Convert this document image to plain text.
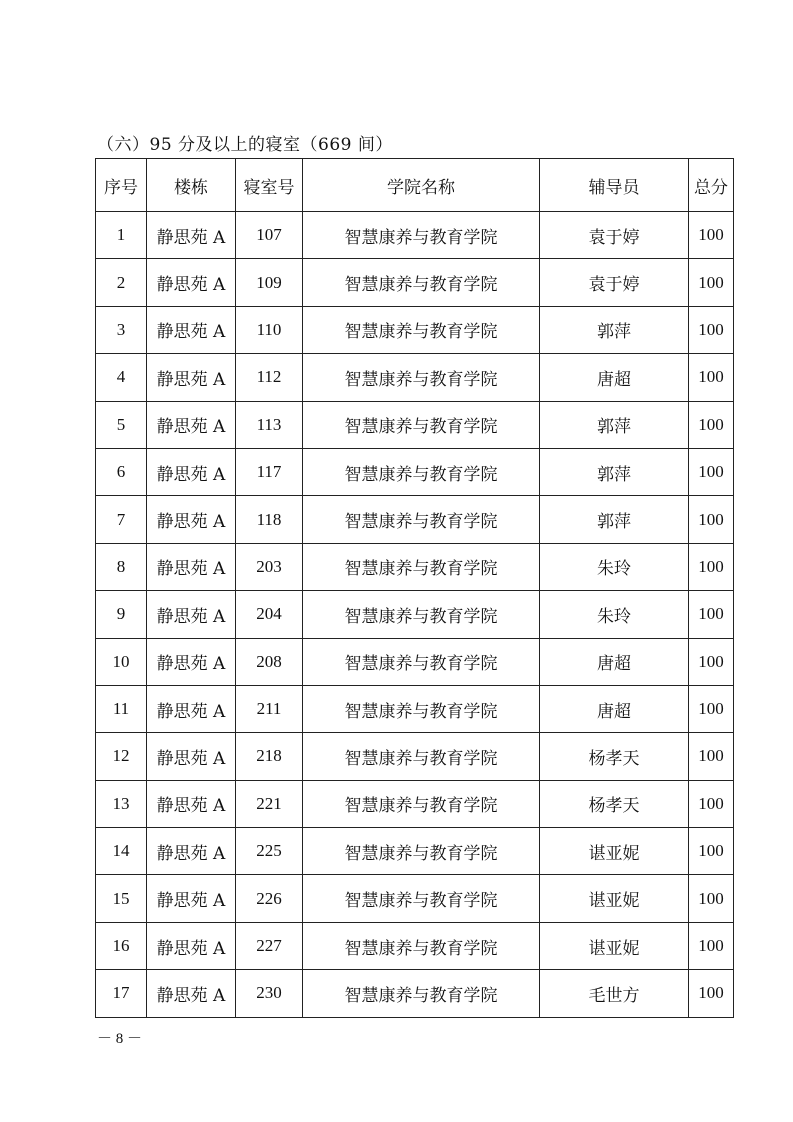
（六）95 分及以上的寝室（669 间）
序号	楼栋	寝室号	学院名称	辅导员	总分
1	静思苑 A	107	智慧康养与教育学院	袁于婷	100
2	静思苑 A	109	智慧康养与教育学院	袁于婷	100
3	静思苑 A	110	智慧康养与教育学院	郭萍	100
4	静思苑 A	112	智慧康养与教育学院	唐超	100
5	静思苑 A	113	智慧康养与教育学院	郭萍	100
6	静思苑 A	117	智慧康养与教育学院	郭萍	100
7	静思苑 A	118	智慧康养与教育学院	郭萍	100
8	静思苑 A	203	智慧康养与教育学院	朱玲	100
9	静思苑 A	204	智慧康养与教育学院	朱玲	100
10	静思苑 A	208	智慧康养与教育学院	唐超	100
11	静思苑 A	211	智慧康养与教育学院	唐超	100
12	静思苑 A	218	智慧康养与教育学院	杨孝天	100
13	静思苑 A	221	智慧康养与教育学院	杨孝天	100
14	静思苑 A	225	智慧康养与教育学院	谌亚妮	100
15	静思苑 A	226	智慧康养与教育学院	谌亚妮	100
16	静思苑 A	227	智慧康养与教育学院	谌亚妮	100
17	静思苑 A	230	智慧康养与教育学院	毛世方	100
－ 8 －
